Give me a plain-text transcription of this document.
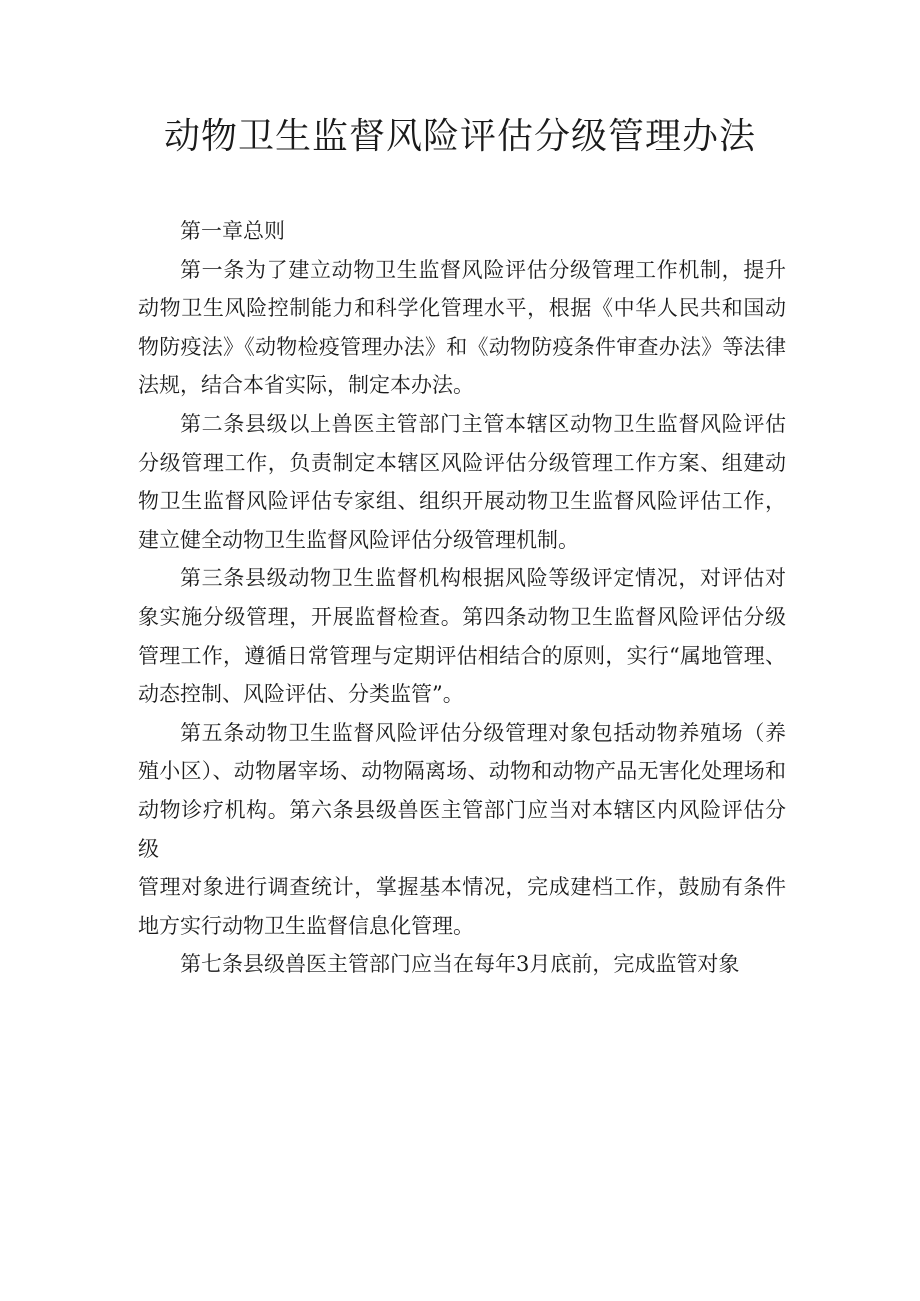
动物卫生监督风险评估分级管理办法

第一章总则

第一条为了建立动物卫生监督风险评估分级管理工作机制，提升动物卫生风险控制能力和科学化管理水平，根据《中华人民共和国动物防疫法》《动物检疫管理办法》和《动物防疫条件审查办法》等法律法规，结合本省实际，制定本办法。

第二条县级以上兽医主管部门主管本辖区动物卫生监督风险评估分级管理工作，负责制定本辖区风险评估分级管理工作方案、组建动物卫生监督风险评估专家组、组织开展动物卫生监督风险评估工作，建立健全动物卫生监督风险评估分级管理机制。

第三条县级动物卫生监督机构根据风险等级评定情况，对评估对象实施分级管理，开展监督检查。第四条动物卫生监督风险评估分级管理工作，遵循日常管理与定期评估相结合的原则，实行“属地管理、动态控制、风险评估、分类监管”。

第五条动物卫生监督风险评估分级管理对象包括动物养殖场（养殖小区）、动物屠宰场、动物隔离场、动物和动物产品无害化处理场和动物诊疗机构。第六条县级兽医主管部门应当对本辖区内风险评估分级

管理对象进行调查统计，掌握基本情况，完成建档工作，鼓励有条件地方实行动物卫生监督信息化管理。

第七条县级兽医主管部门应当在每年3月底前，完成监管对象
